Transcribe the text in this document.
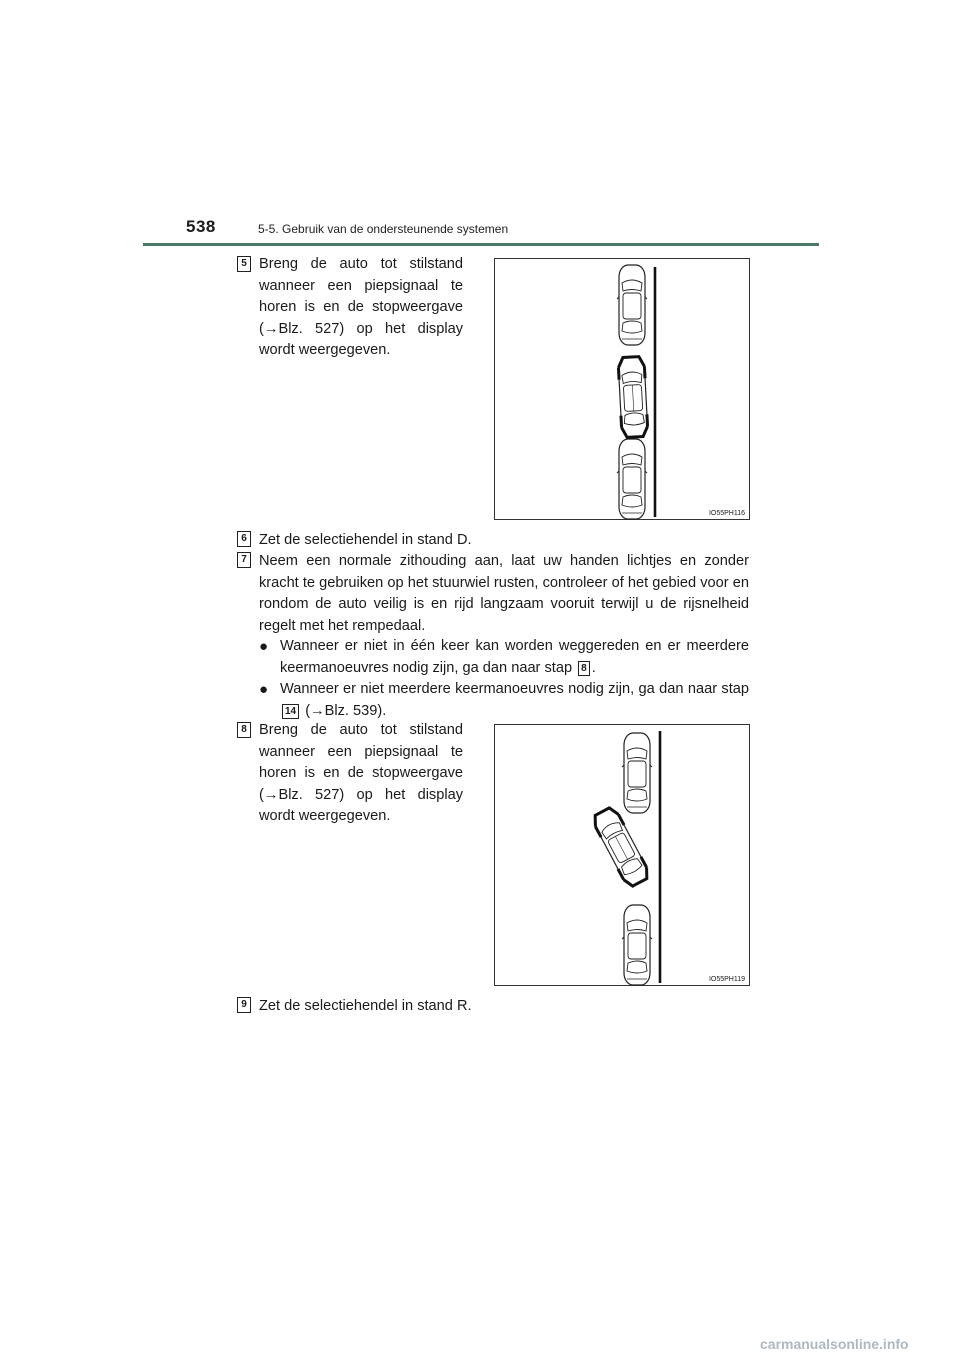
538	5-5. Gebruik van de ondersteunende systemen
5 Breng de auto tot stilstand wanneer een piepsignaal te horen is en de stopweergave (→Blz. 527) op het display wordt weergegeven.
IO55PH116
6 Zet de selectiehendel in stand D.
7 Neem een normale zithouding aan, laat uw handen lichtjes en zonder kracht te gebruiken op het stuurwiel rusten, controleer of het gebied voor en rondom de auto veilig is en rijd langzaam vooruit terwijl u de rijsnelheid regelt met het rempedaal.
● Wanneer er niet in één keer kan worden weggereden en er meerdere keermanoeuvres nodig zijn, ga dan naar stap 8 .
● Wanneer er niet meerdere keermanoeuvres nodig zijn, ga dan naar stap 14 (→Blz. 539).
8 Breng de auto tot stilstand wanneer een piepsignaal te horen is en de stopweergave (→Blz. 527) op het display wordt weergegeven.
IO55PH119
9 Zet de selectiehendel in stand R.
carmanualsonline.info
